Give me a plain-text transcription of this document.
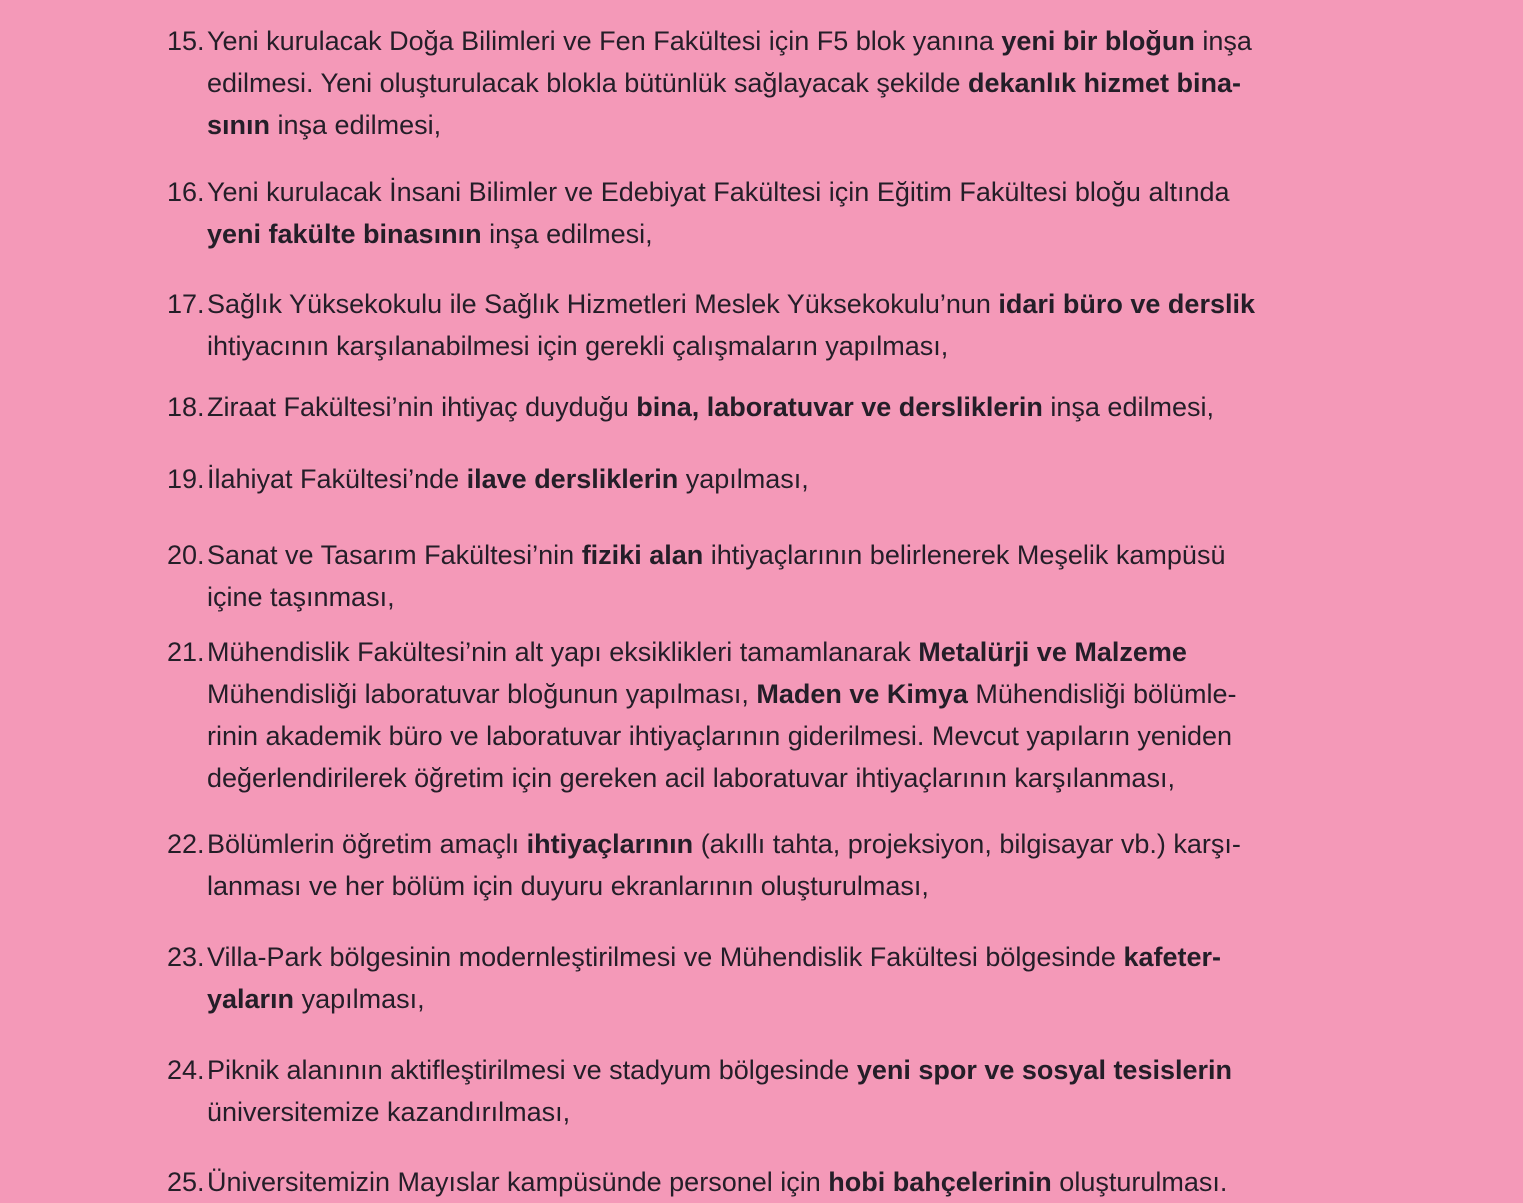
15. Yeni kurulacak Doğa Bilimleri ve Fen Fakültesi için F5 blok yanına yeni bir bloğun inşa
edilmesi. Yeni oluşturulacak blokla bütünlük sağlayacak şekilde dekanlık hizmet bina-
sının inşa edilmesi,
16. Yeni kurulacak İnsani Bilimler ve Edebiyat Fakültesi için Eğitim Fakültesi bloğu altında
yeni fakülte binasının inşa edilmesi,
17. Sağlık Yüksekokulu ile Sağlık Hizmetleri Meslek Yüksekokulu’nun idari büro ve derslik
ihtiyacının karşılanabilmesi için gerekli çalışmaların yapılması,
18. Ziraat Fakültesi’nin ihtiyaç duyduğu bina, laboratuvar ve dersliklerin inşa edilmesi,
19. İlahiyat Fakültesi’nde ilave dersliklerin yapılması,
20. Sanat ve Tasarım Fakültesi’nin fiziki alan ihtiyaçlarının belirlenerek Meşelik kampüsü
içine taşınması,
21. Mühendislik Fakültesi’nin alt yapı eksiklikleri tamamlanarak Metalürji ve Malzeme
Mühendisliği laboratuvar bloğunun yapılması, Maden ve Kimya Mühendisliği bölümle-
rinin akademik büro ve laboratuvar ihtiyaçlarının giderilmesi. Mevcut yapıların yeniden
değerlendirilerek öğretim için gereken acil laboratuvar ihtiyaçlarının karşılanması,
22. Bölümlerin öğretim amaçlı ihtiyaçlarının (akıllı tahta, projeksiyon, bilgisayar vb.) karşı-
lanması ve her bölüm için duyuru ekranlarının oluşturulması,
23. Villa-Park bölgesinin modernleştirilmesi ve Mühendislik Fakültesi bölgesinde kafeter-
yaların yapılması,
24. Piknik alanının aktifleştirilmesi ve stadyum bölgesinde yeni spor ve sosyal tesislerin
üniversitemize kazandırılması,
25. Üniversitemizin Mayıslar kampüsünde personel için hobi bahçelerinin oluşturulması.
